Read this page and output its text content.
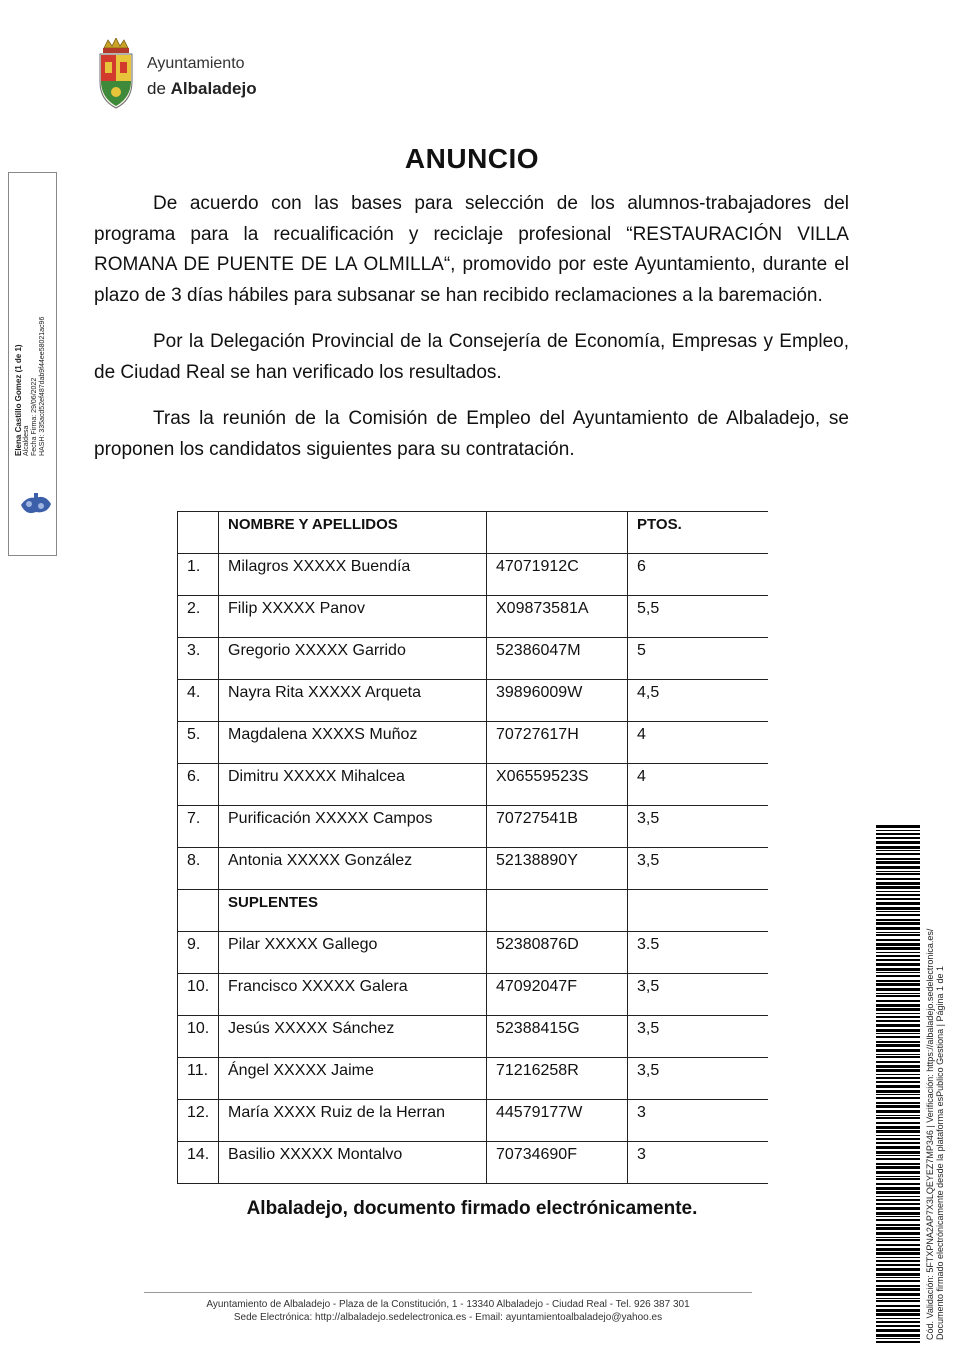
Ayuntamiento
de Albaladejo
Elena Castillo Gomez (1 de 1) Alcaldesa Fecha Firma: 29/06/2022 HASH: 335acd52ef487dab9f44ee58021ac96
ANUNCIO
De acuerdo con las bases para selección de los alumnos-trabajadores del programa para la recualificación y reciclaje profesional “RESTAURACIÓN VILLA ROMANA DE PUENTE DE LA OLMILLA“, promovido por este Ayuntamiento, durante el plazo de 3 días hábiles para subsanar se han recibido reclamaciones a la baremación.
Por la Delegación Provincial de la Consejería de Economía, Empresas y Empleo, de Ciudad Real se han verificado los resultados.
Tras la reunión de la Comisión de Empleo del Ayuntamiento de Albaladejo, se proponen los candidatos siguientes para su contratación.
	NOMBRE Y APELLIDOS		PTOS.
1.	Milagros XXXXX Buendía	47071912C	6
2.	Filip XXXXX Panov	X09873581A	5,5
3.	Gregorio XXXXX Garrido	52386047M	5
4.	Nayra Rita XXXXX Arqueta	39896009W	4,5
5.	Magdalena XXXXS Muñoz	70727617H	4
6.	Dimitru XXXXX Mihalcea	X06559523S	4
7.	Purificación XXXXX Campos	70727541B	3,5
8.	Antonia XXXXX González	52138890Y	3,5
	SUPLENTES		
9.	Pilar XXXXX Gallego	52380876D	3.5
10.	Francisco XXXXX Galera	47092047F	3,5
10.	Jesús XXXXX Sánchez	52388415G	3,5
11.	Ángel XXXXX Jaime	71216258R	3,5
12.	María XXXX Ruiz de la Herran	44579177W	3
14.	Basilio XXXXX Montalvo	70734690F	3
Albaladejo, documento firmado electrónicamente.
Ayuntamiento de Albaladejo - Plaza de la Constitución, 1 - 13340 Albaladejo - Ciudad Real - Tel. 926 387 301
Sede Electrónica: http://albaladejo.sedelectronica.es - Email: ayuntamientoalbaladejo@yahoo.es	Cód. Validación: 5FTXPNA2AP7X3LQEYEZ7MP346 | Verificación: https://albaladejo.sedelectronica.es/ Documento firmado electrónicamente desde la plataforma esPublico Gestiona | Página 1 de 1
